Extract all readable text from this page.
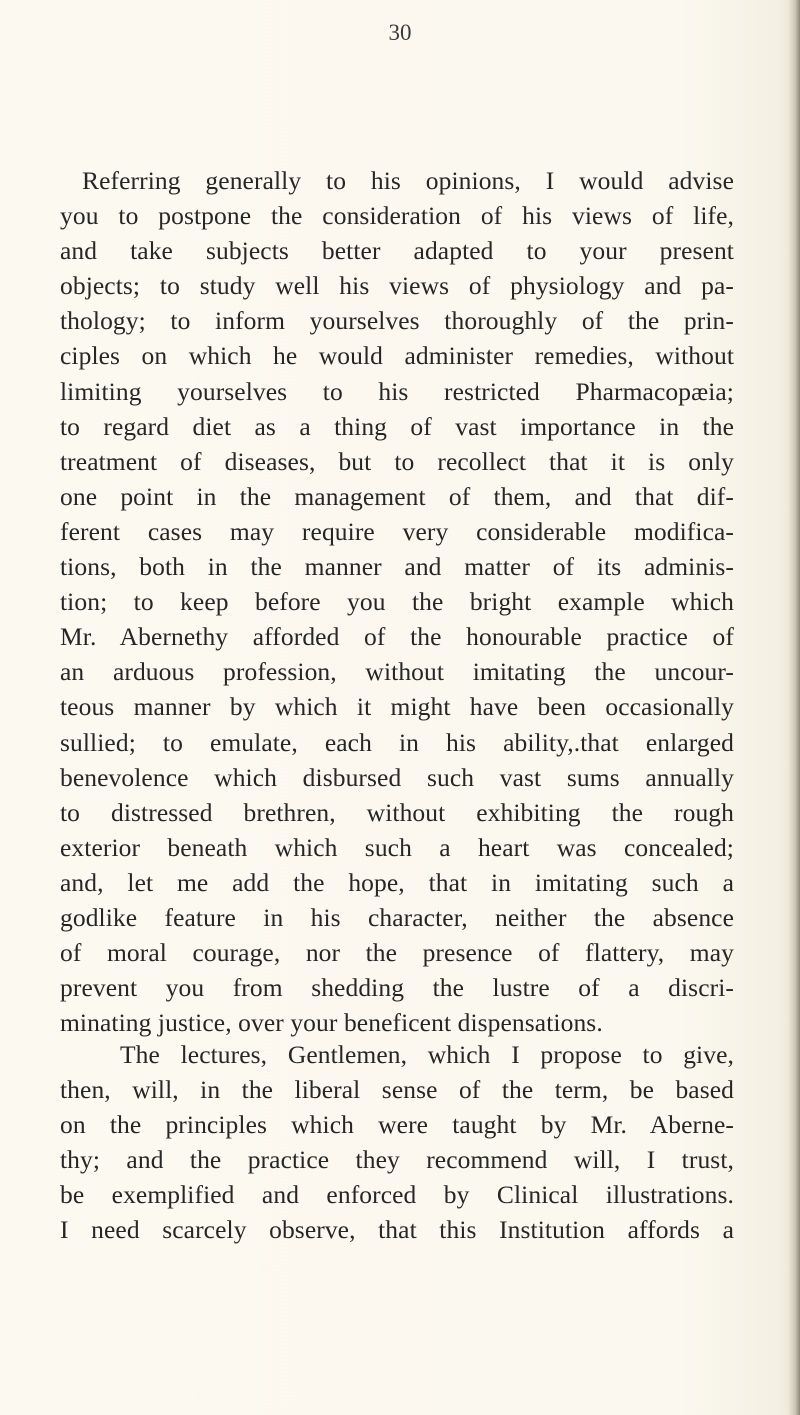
30
Referring generally to his opinions, I would advise
you to postpone the consideration of his views of life,
and take subjects better adapted to your present
objects; to study well his views of physiology and pa-
thology; to inform yourselves thoroughly of the prin-
ciples on which he would administer remedies, without
limiting yourselves to his restricted Pharmacopæia;
to regard diet as a thing of vast importance in the
treatment of diseases, but to recollect that it is only
one point in the management of them, and that dif-
ferent cases may require very considerable modifica-
tions, both in the manner and matter of its adminis-
tion; to keep before you the bright example which
Mr. Abernethy afforded of the honourable practice of
an arduous profession, without imitating the uncour-
teous manner by which it might have been occasionally
sullied; to emulate, each in his ability,.that enlarged
benevolence which disbursed such vast sums annually
to distressed brethren, without exhibiting the rough
exterior beneath which such a heart was concealed;
and, let me add the hope, that in imitating such a
godlike feature in his character, neither the absence
of moral courage, nor the presence of flattery, may
prevent you from shedding the lustre of a discri-
minating justice, over your beneficent dispensations.
The lectures, Gentlemen, which I propose to give,
then, will, in the liberal sense of the term, be based
on the principles which were taught by Mr. Aberne-
thy; and the practice they recommend will, I trust,
be exemplified and enforced by Clinical illustrations.
I need scarcely observe, that this Institution affords a
